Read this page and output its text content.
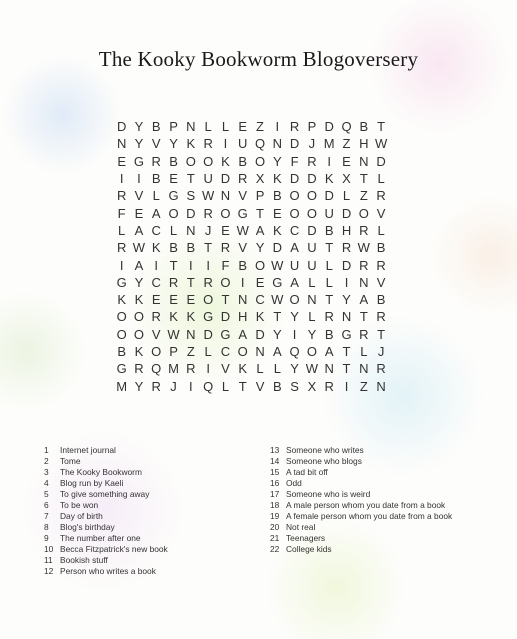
The Kooky Bookworm Blogoversery
D Y B P N L L E Z I R P D Q B T
N Y V Y K R I U Q N D J M Z H W
E G R B O O K B O Y F R I E N D
I	I B E T U D R X K D D K X T L
R V L G S W N V P B O O D L Z R
F E A O D R O G T E O O U D O V
L A C L N J E W A K C D B H R L
R W K B B T R V Y D A U T R W B
I A I T I	I F B O W U U L D R R
G Y C R T R O I E G A L L I N V
K K E E E O T N C W O N T Y A B
O O R K K G D H K T Y L R N T R
O O V W N D G A D Y I Y B G R T
B K O P Z L C O N A Q O A T L J
G R Q M R I V K L L Y W N T N R
M Y R J I Q L T V B S X R I Z N
1	Internet journal
2	Tome
3	The Kooky Bookworm
4	Blog run by Kaeli
5	To give something away
6	To be won
7	Day of birth
8	Blog's birthday
9	The number after one
10 Becca Fitzpatrick's new book
11 Bookish stuff
12 Person who writes a book
13 Someone who writes
14 Someone who blogs
15 A tad bit off
16 Odd
17 Someone who is weird
18 A male person whom you date from a book
19 A female person whom you date from a book
20 Not real
21 Teenagers
22 College kids
